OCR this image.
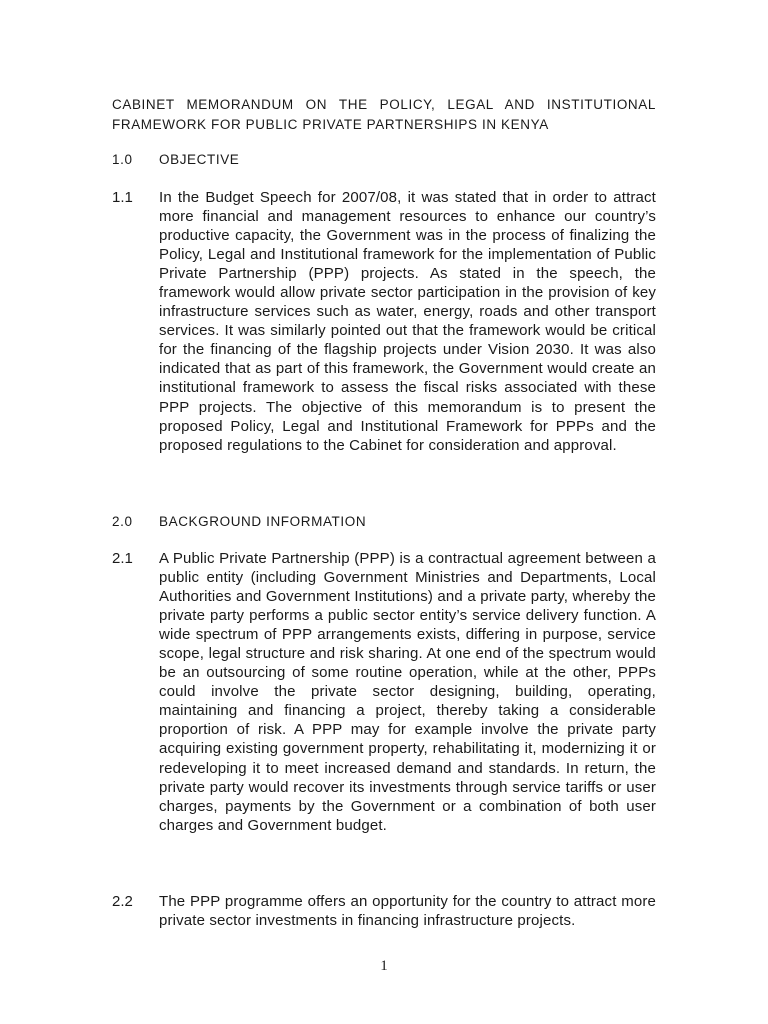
CABINET MEMORANDUM ON THE POLICY, LEGAL AND INSTITUTIONAL FRAMEWORK FOR PUBLIC PRIVATE PARTNERSHIPS IN KENYA
1.0 OBJECTIVE
1.1 In the Budget Speech for 2007/08, it was stated that in order to attract more financial and management resources to enhance our country’s productive capacity, the Government was in the process of finalizing the Policy, Legal and Institutional framework for the implementation of Public Private Partnership (PPP) projects. As stated in the speech, the framework would allow private sector participation in the provision of key infrastructure services such as water, energy, roads and other transport services. It was similarly pointed out that the framework would be critical for the financing of the flagship projects under Vision 2030. It was also indicated that as part of this framework, the Government would create an institutional framework to assess the fiscal risks associated with these PPP projects. The objective of this memorandum is to present the proposed Policy, Legal and Institutional Framework for PPPs and the proposed regulations to the Cabinet for consideration and approval.
2.0 BACKGROUND INFORMATION
2.1 A Public Private Partnership (PPP) is a contractual agreement between a public entity (including Government Ministries and Departments, Local Authorities and Government Institutions) and a private party, whereby the private party performs a public sector entity’s service delivery function. A wide spectrum of PPP arrangements exists, differing in purpose, service scope, legal structure and risk sharing. At one end of the spectrum would be an outsourcing of some routine operation, while at the other, PPPs could involve the private sector designing, building, operating, maintaining and financing a project, thereby taking a considerable proportion of risk. A PPP may for example involve the private party acquiring existing government property, rehabilitating it, modernizing it or redeveloping it to meet increased demand and standards. In return, the private party would recover its investments through service tariffs or user charges, payments by the Government or a combination of both user charges and Government budget.
2.2 The PPP programme offers an opportunity for the country to attract more private sector investments in financing infrastructure projects.
1
